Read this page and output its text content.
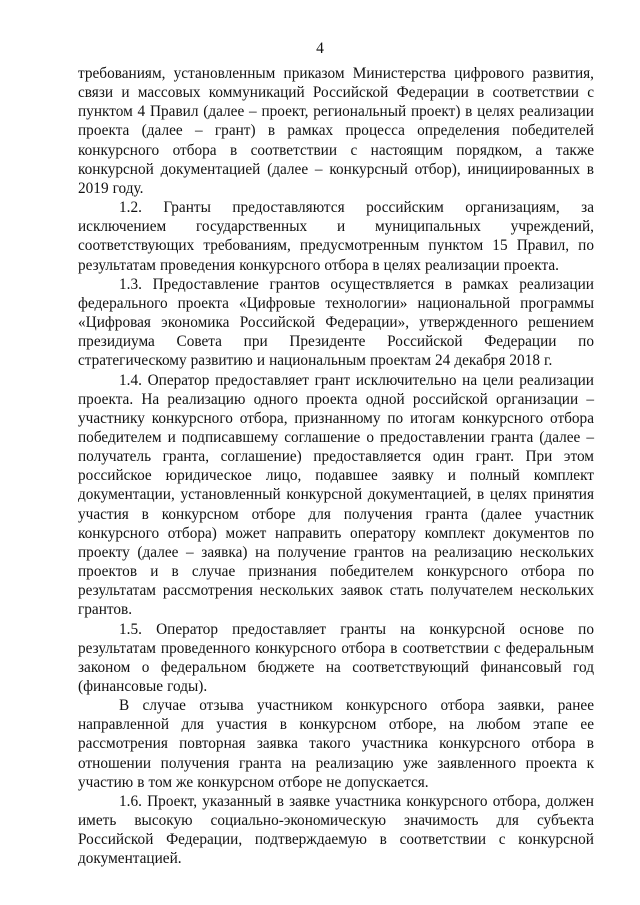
4

требованиям, установленным приказом Министерства цифрового развития, связи и массовых коммуникаций Российской Федерации в соответствии с пунктом 4 Правил (далее – проект, региональный проект) в целях реализации проекта (далее – грант) в рамках процесса определения победителей конкурсного отбора в соответствии с настоящим порядком, а также конкурсной документацией (далее – конкурсный отбор), инициированных в 2019 году.

1.2. Гранты предоставляются российским организациям, за исключением государственных и муниципальных учреждений, соответствующих требованиям, предусмотренным пунктом 15 Правил, по результатам проведения конкурсного отбора в целях реализации проекта.

1.3. Предоставление грантов осуществляется в рамках реализации федерального проекта «Цифровые технологии» национальной программы «Цифровая экономика Российской Федерации», утвержденного решением президиума Совета при Президенте Российской Федерации по стратегическому развитию и национальным проектам 24 декабря 2018 г.

1.4. Оператор предоставляет грант исключительно на цели реализации проекта. На реализацию одного проекта одной российской организации – участнику конкурсного отбора, признанному по итогам конкурсного отбора победителем и подписавшему соглашение о предоставлении гранта (далее – получатель гранта, соглашение) предоставляется один грант. При этом российское юридическое лицо, подавшее заявку и полный комплект документации, установленный конкурсной документацией, в целях принятия участия в конкурсном отборе для получения гранта (далее участник конкурсного отбора) может направить оператору комплект документов по проекту (далее – заявка) на получение грантов на реализацию нескольких проектов и в случае признания победителем конкурсного отбора по результатам рассмотрения нескольких заявок стать получателем нескольких грантов.

1.5. Оператор предоставляет гранты на конкурсной основе по результатам проведенного конкурсного отбора в соответствии с федеральным законом о федеральном бюджете на соответствующий финансовый год (финансовые годы).

В случае отзыва участником конкурсного отбора заявки, ранее направленной для участия в конкурсном отборе, на любом этапе ее рассмотрения повторная заявка такого участника конкурсного отбора в отношении получения гранта на реализацию уже заявленного проекта к участию в том же конкурсном отборе не допускается.

1.6. Проект, указанный в заявке участника конкурсного отбора, должен иметь высокую социально-экономическую значимость для субъекта Российской Федерации, подтверждаемую в соответствии с конкурсной документацией.
